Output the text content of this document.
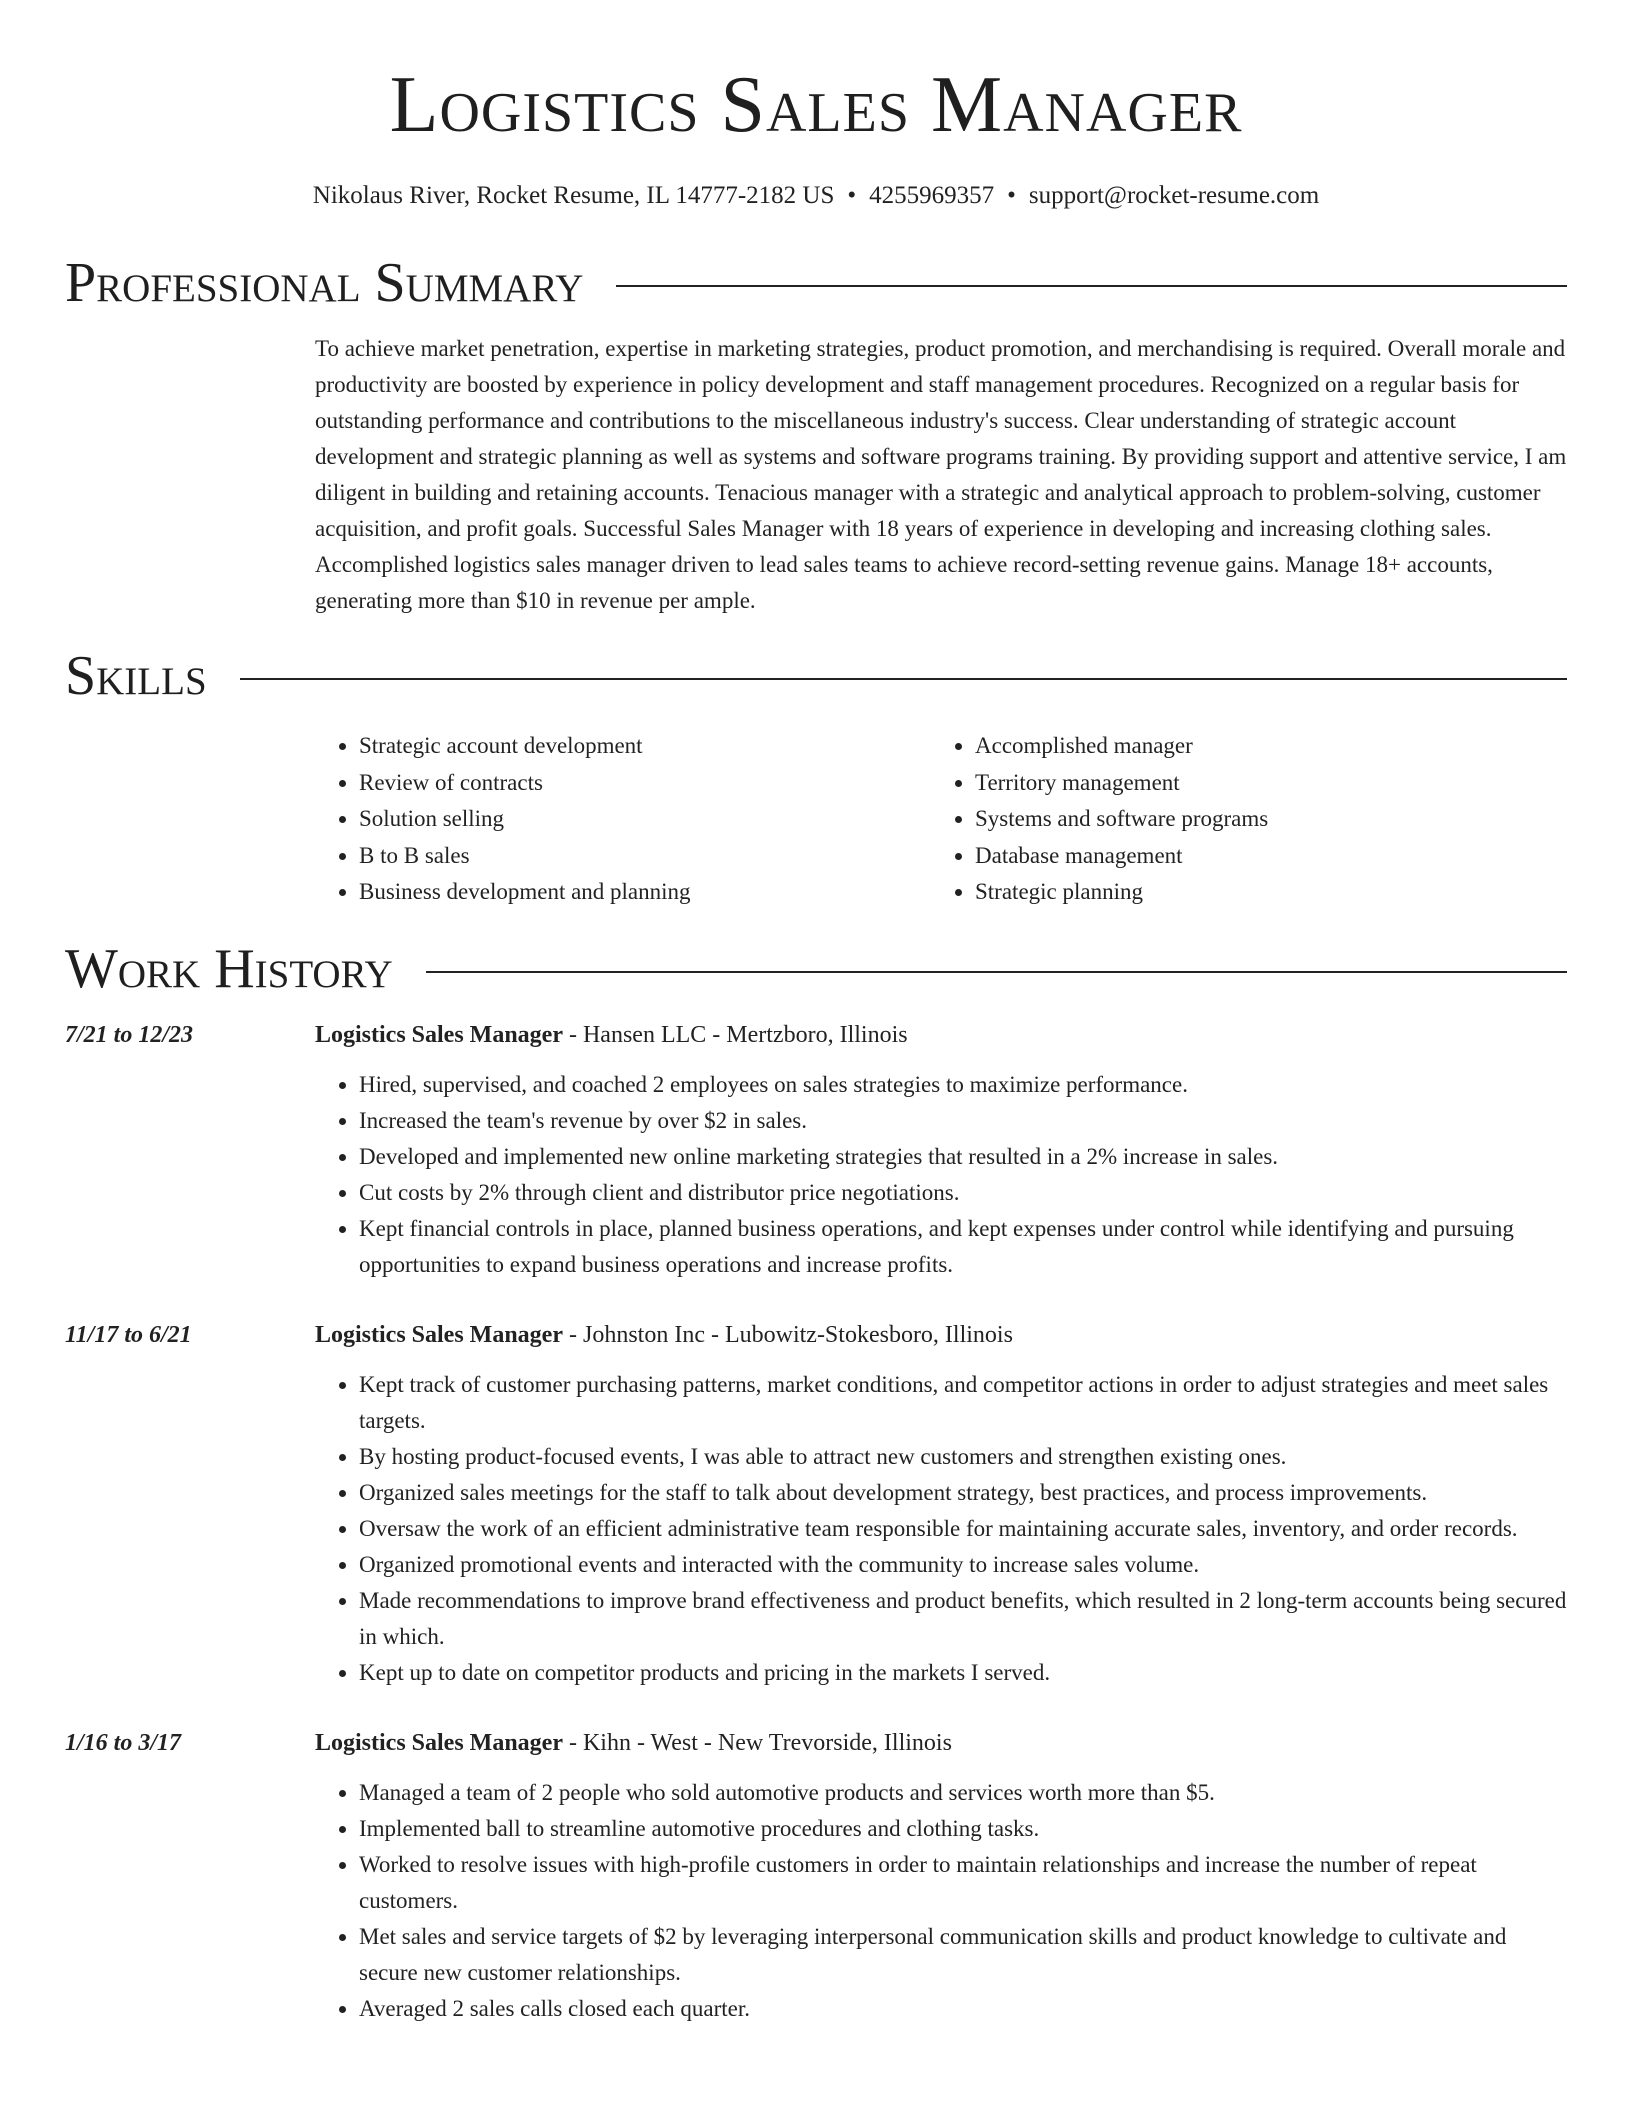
Logistics Sales Manager
Nikolaus River, Rocket Resume, IL 14777-2182 US • 4255969357 • support@rocket-resume.com
Professional Summary
To achieve market penetration, expertise in marketing strategies, product promotion, and merchandising is required. Overall morale and productivity are boosted by experience in policy development and staff management procedures. Recognized on a regular basis for outstanding performance and contributions to the miscellaneous industry's success. Clear understanding of strategic account development and strategic planning as well as systems and software programs training. By providing support and attentive service, I am diligent in building and retaining accounts. Tenacious manager with a strategic and analytical approach to problem-solving, customer acquisition, and profit goals. Successful Sales Manager with 18 years of experience in developing and increasing clothing sales. Accomplished logistics sales manager driven to lead sales teams to achieve record-setting revenue gains. Manage 18+ accounts, generating more than $10 in revenue per ample.
Skills
• Strategic account development
• Review of contracts
• Solution selling
• B to B sales
• Business development and planning
• Accomplished manager
• Territory management
• Systems and software programs
• Database management
• Strategic planning
Work History
7/21 to 12/23	Logistics Sales Manager - Hansen LLC - Mertzboro, Illinois
• Hired, supervised, and coached 2 employees on sales strategies to maximize performance.
• Increased the team's revenue by over $2 in sales.
• Developed and implemented new online marketing strategies that resulted in a 2% increase in sales.
• Cut costs by 2% through client and distributor price negotiations.
• Kept financial controls in place, planned business operations, and kept expenses under control while identifying and pursuing opportunities to expand business operations and increase profits.
11/17 to 6/21	Logistics Sales Manager - Johnston Inc - Lubowitz-Stokesboro, Illinois
• Kept track of customer purchasing patterns, market conditions, and competitor actions in order to adjust strategies and meet sales targets.
• By hosting product-focused events, I was able to attract new customers and strengthen existing ones.
• Organized sales meetings for the staff to talk about development strategy, best practices, and process improvements.
• Oversaw the work of an efficient administrative team responsible for maintaining accurate sales, inventory, and order records.
• Organized promotional events and interacted with the community to increase sales volume.
• Made recommendations to improve brand effectiveness and product benefits, which resulted in 2 long-term accounts being secured in which.
• Kept up to date on competitor products and pricing in the markets I served.
1/16 to 3/17	Logistics Sales Manager - Kihn - West - New Trevorside, Illinois
• Managed a team of 2 people who sold automotive products and services worth more than $5.
• Implemented ball to streamline automotive procedures and clothing tasks.
• Worked to resolve issues with high-profile customers in order to maintain relationships and increase the number of repeat customers.
• Met sales and service targets of $2 by leveraging interpersonal communication skills and product knowledge to cultivate and secure new customer relationships.
• Averaged 2 sales calls closed each quarter.
